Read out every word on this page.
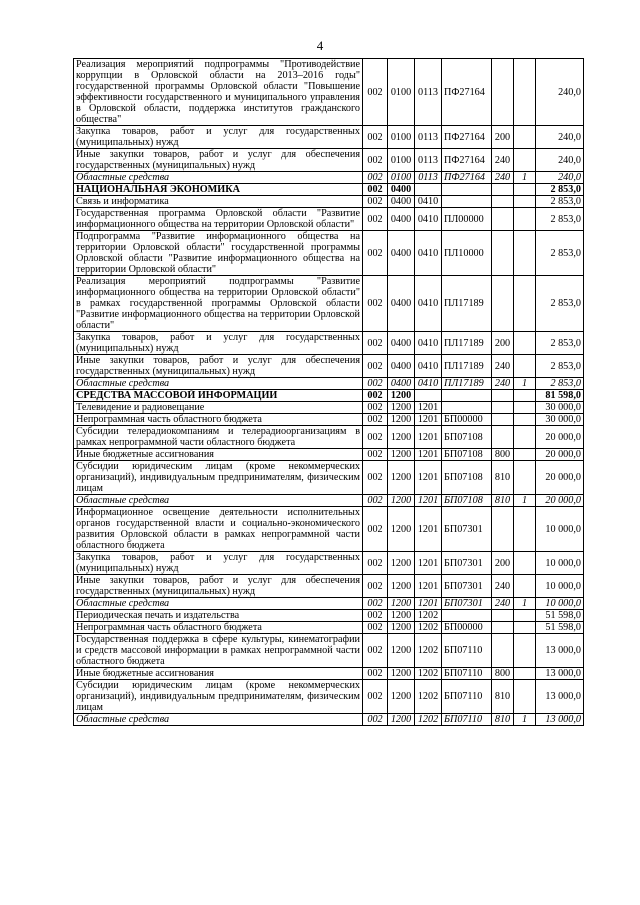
4
Реализация мероприятий подпрограммы "Противодействие коррупции в Орловской области на 2013–2016 годы" государственной программы Орловской области "Повышение эффективности государственного и муниципального управления в Орловской области, поддержка институтов гражданского общества"	002	0100	0113	ПФ27164			240,0
Закупка товаров, работ и услуг для государственных (муниципальных) нужд	002	0100	0113	ПФ27164	200		240,0
Иные закупки товаров, работ и услуг для обеспечения государственных (муниципальных) нужд	002	0100	0113	ПФ27164	240		240,0
Областные средства	002	0100	0113	ПФ27164	240	1	240,0
НАЦИОНАЛЬНАЯ ЭКОНОМИКА	002	0400					2 853,0
Связь и информатика	002	0400	0410				2 853,0
Государственная программа Орловской области "Развитие информационного общества на территории Орловской области"	002	0400	0410	ПЛ00000			2 853,0
Подпрограмма "Развитие информационного общества на территории Орловской области" государственной программы Орловской области "Развитие информационного общества на территории Орловской области"	002	0400	0410	ПЛ10000			2 853,0
Реализация мероприятий подпрограммы "Развитие информационного общества на территории Орловской области" в рамках государственной программы Орловской области "Развитие информационного общества на территории Орловской области"	002	0400	0410	ПЛ17189			2 853,0
Закупка товаров, работ и услуг для государственных (муниципальных) нужд	002	0400	0410	ПЛ17189	200		2 853,0
Иные закупки товаров, работ и услуг для обеспечения государственных (муниципальных) нужд	002	0400	0410	ПЛ17189	240		2 853,0
Областные средства	002	0400	0410	ПЛ17189	240	1	2 853,0
СРЕДСТВА МАССОВОЙ ИНФОРМАЦИИ	002	1200					81 598,0
Телевидение и радиовещание	002	1200	1201				30 000,0
Непрограммная часть областного бюджета	002	1200	1201	БП00000			30 000,0
Субсидии телерадиокомпаниям и телерадиоорганизациям в рамках непрограммной части областного бюджета	002	1200	1201	БП07108			20 000,0
Иные бюджетные ассигнования	002	1200	1201	БП07108	800		20 000,0
Субсидии юридическим лицам (кроме некоммерческих организаций), индивидуальным предпринимателям, физическим лицам	002	1200	1201	БП07108	810		20 000,0
Областные средства	002	1200	1201	БП07108	810	1	20 000,0
Информационное освещение деятельности исполнительных органов государственной власти и социально-экономического развития Орловской области в рамках непрограммной части областного бюджета	002	1200	1201	БП07301			10 000,0
Закупка товаров, работ и услуг для государственных (муниципальных) нужд	002	1200	1201	БП07301	200		10 000,0
Иные закупки товаров, работ и услуг для обеспечения государственных (муниципальных) нужд	002	1200	1201	БП07301	240		10 000,0
Областные средства	002	1200	1201	БП07301	240	1	10 000,0
Периодическая печать и издательства	002	1200	1202				51 598,0
Непрограммная часть областного бюджета	002	1200	1202	БП00000			51 598,0
Государственная поддержка в сфере культуры, кинематографии и средств массовой информации в рамках непрограммной части областного бюджета	002	1200	1202	БП07110			13 000,0
Иные бюджетные ассигнования	002	1200	1202	БП07110	800		13 000,0
Субсидии юридическим лицам (кроме некоммерческих организаций), индивидуальным предпринимателям, физическим лицам	002	1200	1202	БП07110	810		13 000,0
Областные средства	002	1200	1202	БП07110	810	1	13 000,0
